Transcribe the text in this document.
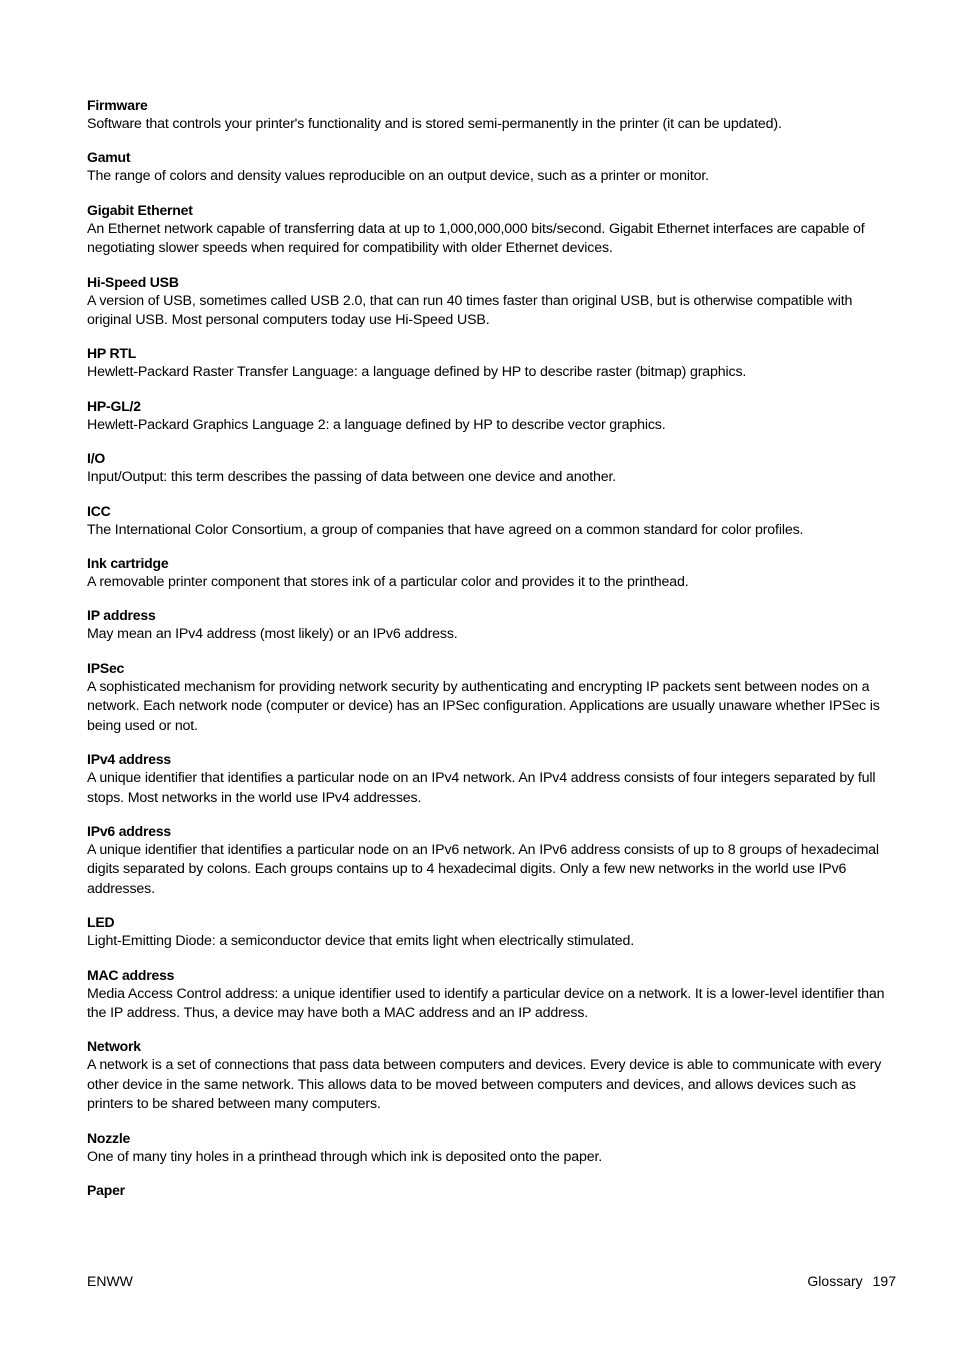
Firmware
Software that controls your printer's functionality and is stored semi-permanently in the printer (it can be updated).
Gamut
The range of colors and density values reproducible on an output device, such as a printer or monitor.
Gigabit Ethernet
An Ethernet network capable of transferring data at up to 1,000,000,000 bits/second. Gigabit Ethernet interfaces are capable of negotiating slower speeds when required for compatibility with older Ethernet devices.
Hi-Speed USB
A version of USB, sometimes called USB 2.0, that can run 40 times faster than original USB, but is otherwise compatible with original USB. Most personal computers today use Hi-Speed USB.
HP RTL
Hewlett-Packard Raster Transfer Language: a language defined by HP to describe raster (bitmap) graphics.
HP-GL/2
Hewlett-Packard Graphics Language 2: a language defined by HP to describe vector graphics.
I/O
Input/Output: this term describes the passing of data between one device and another.
ICC
The International Color Consortium, a group of companies that have agreed on a common standard for color profiles.
Ink cartridge
A removable printer component that stores ink of a particular color and provides it to the printhead.
IP address
May mean an IPv4 address (most likely) or an IPv6 address.
IPSec
A sophisticated mechanism for providing network security by authenticating and encrypting IP packets sent between nodes on a network. Each network node (computer or device) has an IPSec configuration. Applications are usually unaware whether IPSec is being used or not.
IPv4 address
A unique identifier that identifies a particular node on an IPv4 network. An IPv4 address consists of four integers separated by full stops. Most networks in the world use IPv4 addresses.
IPv6 address
A unique identifier that identifies a particular node on an IPv6 network. An IPv6 address consists of up to 8 groups of hexadecimal digits separated by colons. Each groups contains up to 4 hexadecimal digits. Only a few new networks in the world use IPv6 addresses.
LED
Light-Emitting Diode: a semiconductor device that emits light when electrically stimulated.
MAC address
Media Access Control address: a unique identifier used to identify a particular device on a network. It is a lower-level identifier than the IP address. Thus, a device may have both a MAC address and an IP address.
Network
A network is a set of connections that pass data between computers and devices. Every device is able to communicate with every other device in the same network. This allows data to be moved between computers and devices, and allows devices such as printers to be shared between many computers.
Nozzle
One of many tiny holes in a printhead through which ink is deposited onto the paper.
Paper
ENWW	Glossary 197
